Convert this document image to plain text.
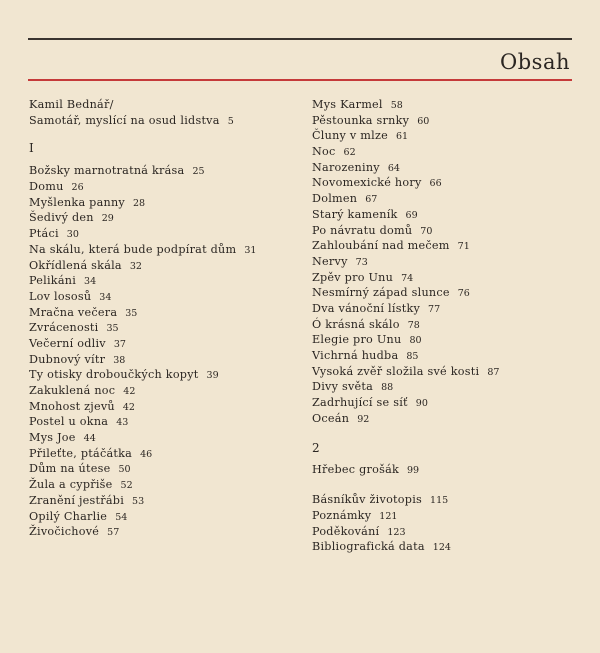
Obsah
Kamil Bednář/
Samotář, myslící na osud lidstva 5
I
Božsky marnotratná krása 25
Domu 26
Myšlenka panny 28
Šedivý den 29
Ptáci 30
Na skálu, která bude podpírat dům 31
Okřídlená skála 32
Pelikáni 34
Lov lososů 34
Mračna večera 35
Zvrácenosti 35
Večerní odliv 37
Dubnový vítr 38
Ty otisky droboučkých kopyt 39
Zakuklená noc 42
Mnohost zjevů 42
Postel u okna 43
Mys Joe 44
Přileťte, ptáčátka 46
Dům na útese 50
Žula a cypřiše 52
Zranění jestřábi 53
Opilý Charlie 54
Živočichové 57
Mys Karmel 58
Pěstounka srnky 60
Čluny v mlze 61
Noc 62
Narozeniny 64
Novomexické hory 66
Dolmen 67
Starý kameník 69
Po návratu domů 70
Zahloubání nad mečem 71
Nervy 73
Zpěv pro Unu 74
Nesmírný západ slunce 76
Dva vánoční lístky 77
Ó krásná skálo 78
Elegie pro Unu 80
Vichrná hudba 85
Vysoká zvěř složila své kosti 87
Divy světa 88
Zadrhující se síť 90
Oceán 92
2
Hřebec grošák 99
Básníkův životopis 115
Poznámky 121
Poděkování 123
Bibliografická data 124
